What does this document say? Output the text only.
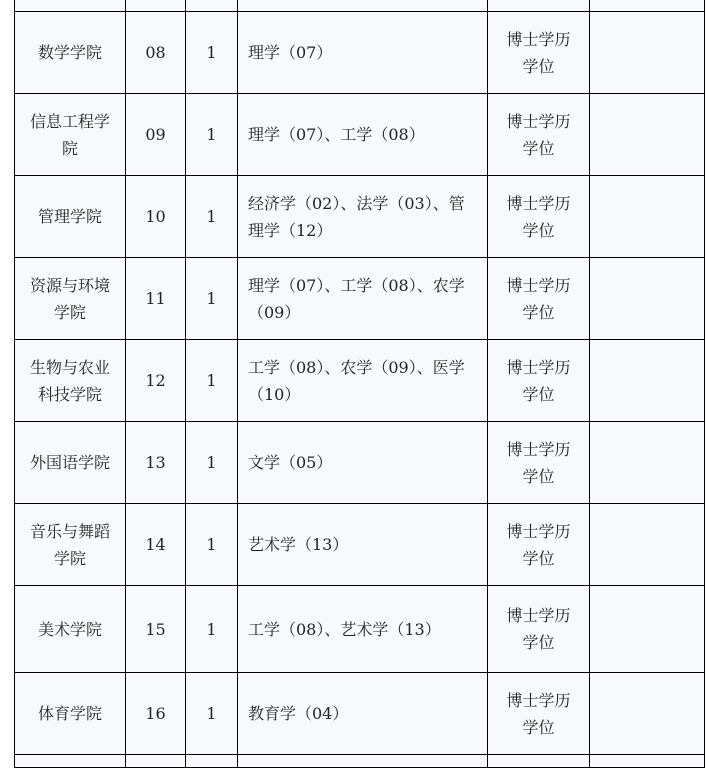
数学学院	08	1	理学（07）	博士学历学位	
信息工程学院	09	1	理学（07）、工学（08）	博士学历学位	
管理学院	10	1	经济学（02）、法学（03）、管理学（12）	博士学历学位	
资源与环境学院	11	1	理学（07）、工学（08）、农学（09）	博士学历学位	
生物与农业科技学院	12	1	工学（08）、农学（09）、医学（10）	博士学历学位	
外国语学院	13	1	文学（05）	博士学历学位	
音乐与舞蹈学院	14	1	艺术学（13）	博士学历学位	
美术学院	15	1	工学（08）、艺术学（13）	博士学历学位	
体育学院	16	1	教育学（04）	博士学历学位	
